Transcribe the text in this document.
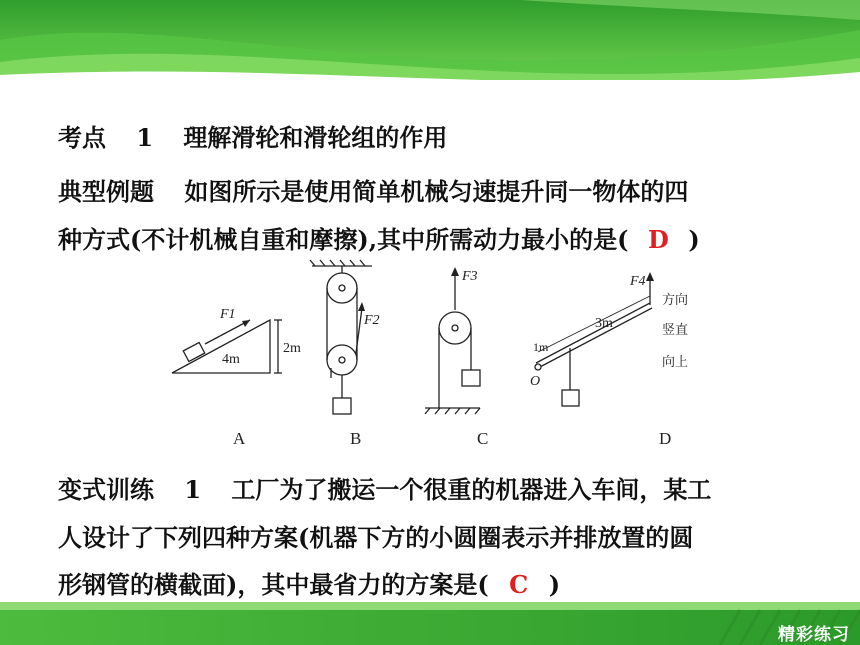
考点 1 理解滑轮和滑轮组的作用
典型例题 如图所示是使用简单机械匀速提升同一物体的四
种方式(不计机械自重和摩擦),其中所需动力最小的是( D )
F1
4m
2m
F2
F3	F4
3m
1m
O
方向
竖直
向上
A	B	C	D
变式训练 1 工厂为了搬运一个很重的机器进入车间，某工
人设计了下列四种方案(机器下方的小圆圈表示并排放置的圆
形钢管的横截面)，其中最省力的方案是( C )
精彩练习
